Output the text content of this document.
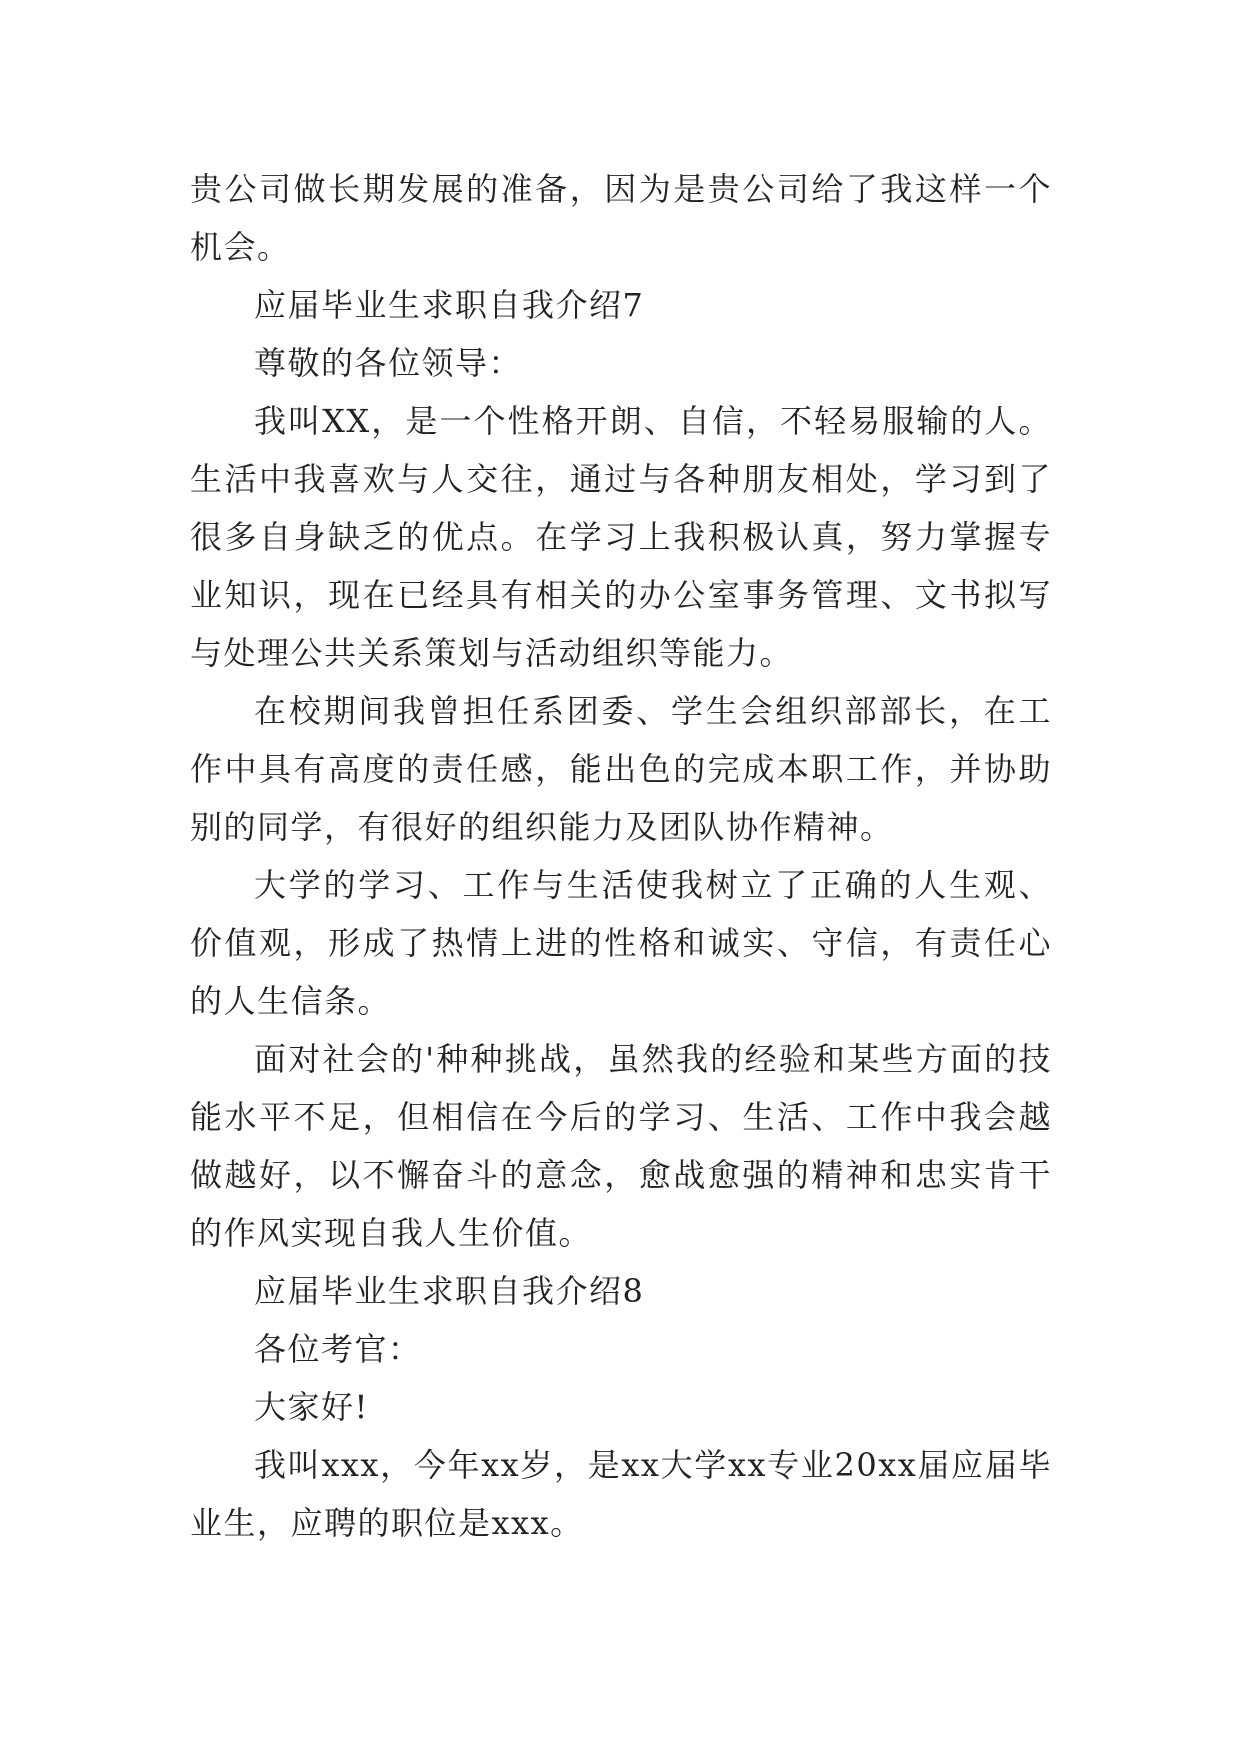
贵公司做长期发展的准备，因为是贵公司给了我这样一个机会。

应届毕业生求职自我介绍7

尊敬的各位领导：

我叫XX，是一个性格开朗、自信，不轻易服输的人。生活中我喜欢与人交往，通过与各种朋友相处，学习到了很多自身缺乏的优点。在学习上我积极认真，努力掌握专业知识，现在已经具有相关的办公室事务管理、文书拟写与处理公共关系策划与活动组织等能力。

在校期间我曾担任系团委、学生会组织部部长，在工作中具有高度的责任感，能出色的完成本职工作，并协助别的同学，有很好的组织能力及团队协作精神。

大学的学习、工作与生活使我树立了正确的人生观、价值观，形成了热情上进的性格和诚实、守信，有责任心的人生信条。

面对社会的'种种挑战，虽然我的经验和某些方面的技能水平不足，但相信在今后的学习、生活、工作中我会越做越好，以不懈奋斗的意念，愈战愈强的精神和忠实肯干的作风实现自我人生价值。

应届毕业生求职自我介绍8

各位考官：

大家好!

我叫xxx，今年xx岁，是xx大学xx专业20xx届应届毕业生，应聘的职位是xxx。
